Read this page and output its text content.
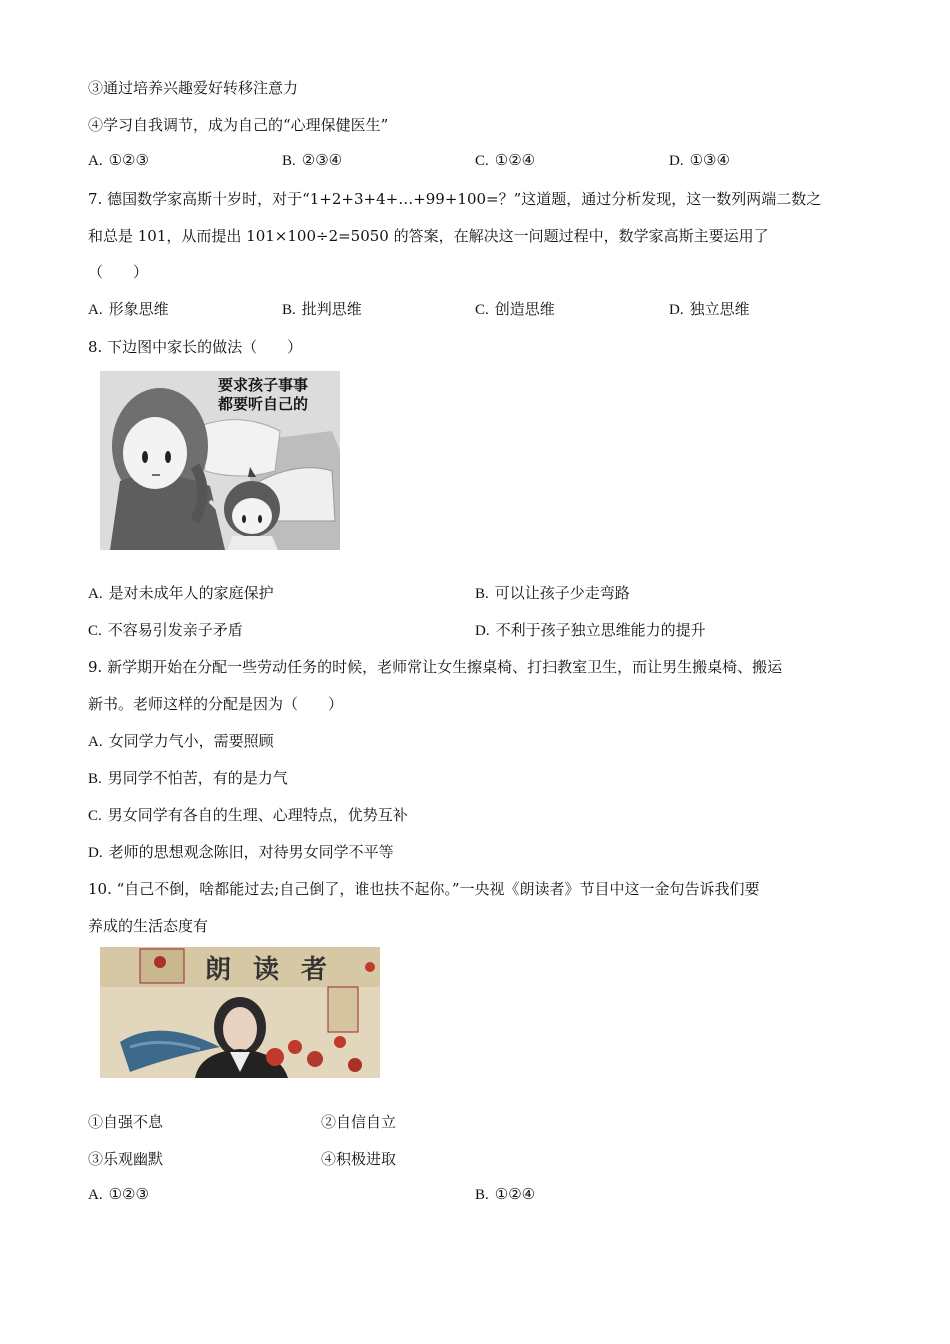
③通过培养兴趣爱好转移注意力
④学习自我调节，成为自己的“心理保健医生”
A. ①②③	B. ②③④	C. ①②④	D. ①③④
7. 德国数学家高斯十岁时，对于“1+2+3+4+…+99+100=？”这道题，通过分析发现，这一数列两端二数之
和总是 101，从而提出 101×100÷2=5050 的答案，在解决这一问题过程中，数学家高斯主要运用了
（　　）
A. 形象思维	B. 批判思维	C. 创造思维	D. 独立思维
8. 下边图中家长的做法（　　）
要求孩子事事
都要听自己的
A. 是对未成年人的家庭保护	B. 可以让孩子少走弯路
C. 不容易引发亲子矛盾	D. 不利于孩子独立思维能力的提升
9. 新学期开始在分配一些劳动任务的时候，老师常让女生擦桌椅、打扫教室卫生，而让男生搬桌椅、搬运
新书。老师这样的分配是因为（　　）
A. 女同学力气小，需要照顾
B. 男同学不怕苦，有的是力气
C. 男女同学有各自的生理、心理特点，优势互补
D. 老师的思想观念陈旧，对待男女同学不平等
10. “自己不倒，啥都能过去;自己倒了，谁也扶不起你。”一央视《朗读者》节目中这一金句告诉我们要
养成的生活态度有
朗读者
①自强不息	②自信自立
③乐观幽默	④积极进取
A. ①②③	B. ①②④
